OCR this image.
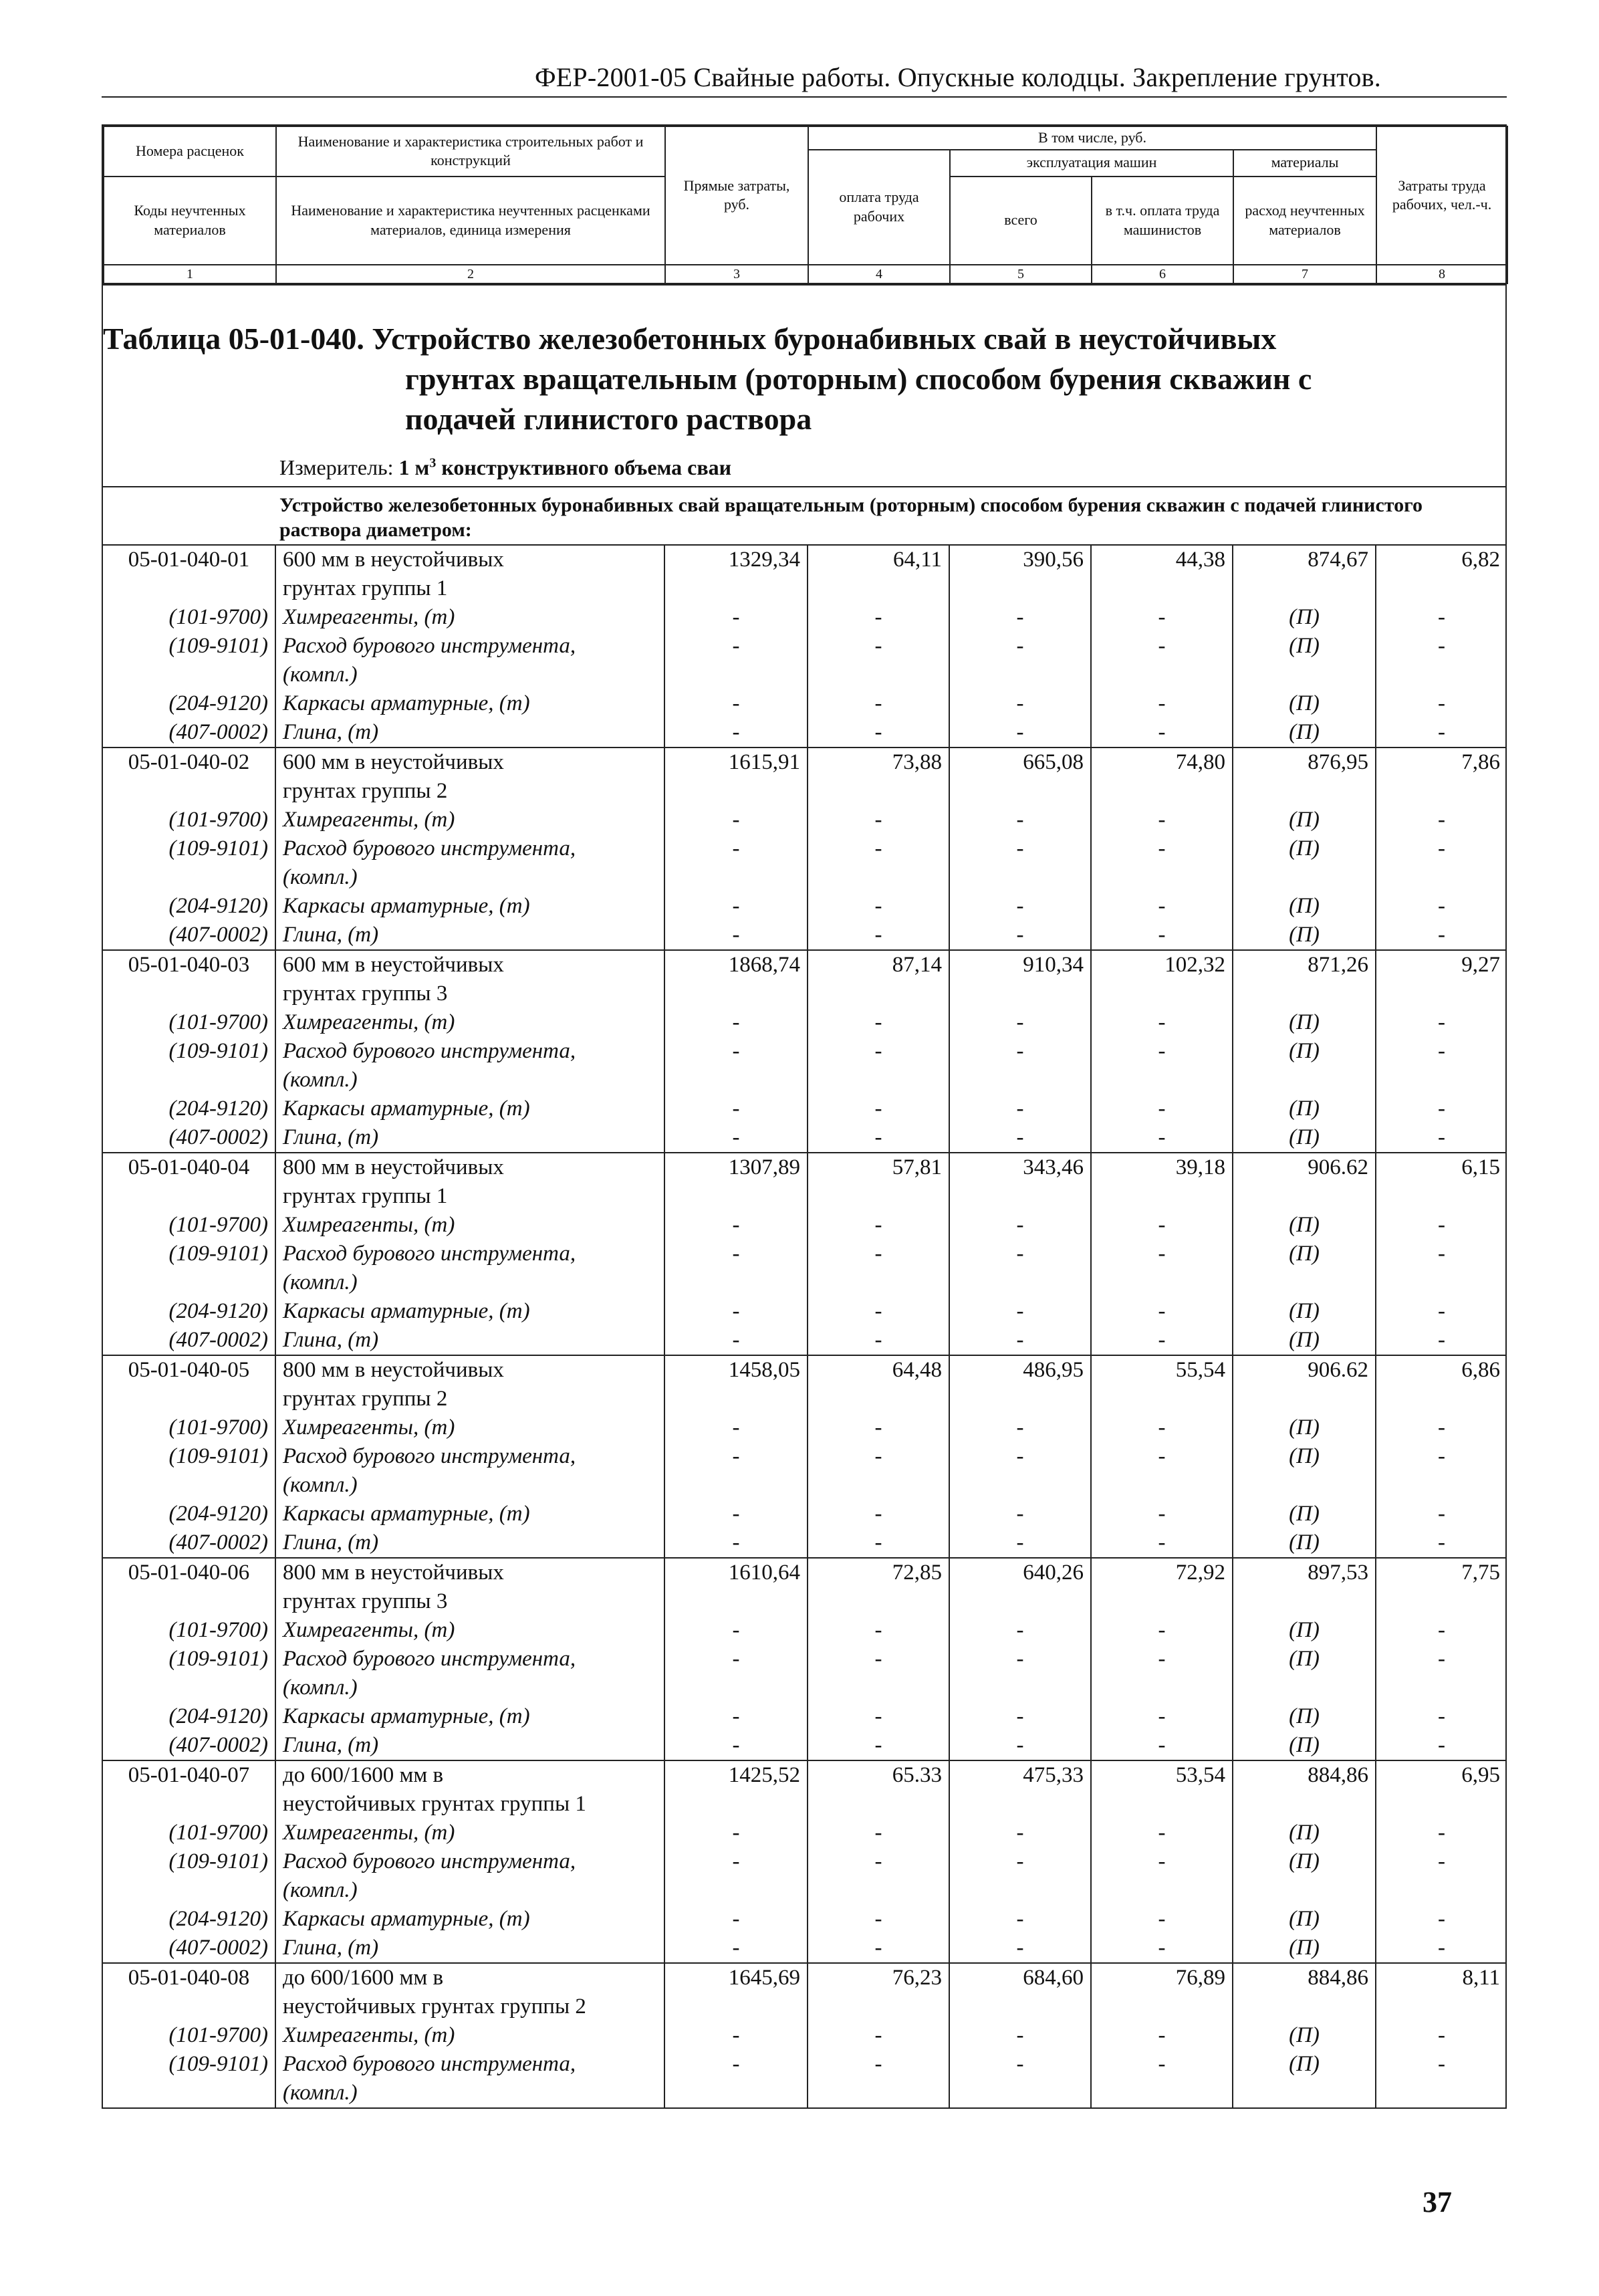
ФЕР-2001-05 Свайные работы. Опускные колодцы. Закрепление грунтов.
Номера расценок	Наименование и характеристика строительных работ и конструкций	Прямые затраты, руб.	В том числе, руб.				Затраты труда рабочих, чел.-ч.
			оплата труда рабочих	эксплуатация машин		материалы	
Коды неучтенных материалов	Наименование и характеристика неучтенных расценками материалов, единица измерения			всего	в т.ч. оплата труда машинистов	расход неучтенных материалов	

1	2	3	4	5	6	7	8
Таблица 05-01-040. Устройство железобетонных буронабивных свай в неустойчивых
грунтах вращательным (роторным) способом бурения скважин с
подачей глинистого раствора
Измеритель: 1 $м^3$ конструктивного объема сваи
Устройство железобетонных буронабивных свай вращательным (роторным) способом бурения скважин с подачей глинистого раствора диаметром:
05-01-040-01	600 мм в неустойчивых	1329,34	64,11	390,56	44,38	874,67	6,82
	грунтах группы 1						
(101-9700)	Химреагенты, (т)	-	-	-	-	(П)	-
(109-9101)	Расход бурового инструмента,	-	-	-	-	(П)	-
	(компл.)						
(204-9120)	Каркасы арматурные, (т)	-	-	-	-	(П)	-
(407-0002)	Глина, (т)	-	-	-	-	(П)	-
05-01-040-02	600 мм в неустойчивых	1615,91	73,88	665,08	74,80	876,95	7,86
	грунтах группы 2						
(101-9700)	Химреагенты, (т)	-	-	-	-	(П)	-
(109-9101)	Расход бурового инструмента,	-	-	-	-	(П)	-
	(компл.)						
(204-9120)	Каркасы арматурные, (т)	-	-	-	-	(П)	-
(407-0002)	Глина, (т)	-	-	-	-	(П)	-
05-01-040-03	600 мм в неустойчивых	1868,74	87,14	910,34	102,32	871,26	9,27
	грунтах группы 3						
(101-9700)	Химреагенты, (т)	-	-	-	-	(П)	-
(109-9101)	Расход бурового инструмента,	-	-	-	-	(П)	-
	(компл.)						
(204-9120)	Каркасы арматурные, (т)	-	-	-	-	(П)	-
(407-0002)	Глина, (т)	-	-	-	-	(П)	-
05-01-040-04	800 мм в неустойчивых	1307,89	57,81	343,46	39,18	906.62	6,15
	грунтах группы 1						
(101-9700)	Химреагенты, (т)	-	-	-	-	(П)	-
(109-9101)	Расход бурового инструмента,	-	-	-	-	(П)	-
	(компл.)						
(204-9120)	Каркасы арматурные, (т)	-	-	-	-	(П)	-
(407-0002)	Глина, (т)	-	-	-	-	(П)	-
05-01-040-05	800 мм в неустойчивых	1458,05	64,48	486,95	55,54	906.62	6,86
	грунтах группы 2						
(101-9700)	Химреагенты, (т)	-	-	-	-	(П)	-
(109-9101)	Расход бурового инструмента,	-	-	-	-	(П)	-
	(компл.)						
(204-9120)	Каркасы арматурные, (т)	-	-	-	-	(П)	-
(407-0002)	Глина, (т)	-	-	-	-	(П)	-
05-01-040-06	800 мм в неустойчивых	1610,64	72,85	640,26	72,92	897,53	7,75
	грунтах группы 3						
(101-9700)	Химреагенты, (т)	-	-	-	-	(П)	-
(109-9101)	Расход бурового инструмента,	-	-	-	-	(П)	-
	(компл.)						
(204-9120)	Каркасы арматурные, (т)	-	-	-	-	(П)	-
(407-0002)	Глина, (т)	-	-	-	-	(П)	-
05-01-040-07	до 600/1600 мм в	1425,52	65.33	475,33	53,54	884,86	6,95
	неустойчивых грунтах группы 1						
(101-9700)	Химреагенты, (т)	-	-	-	-	(П)	-
(109-9101)	Расход бурового инструмента,	-	-	-	-	(П)	-
	(компл.)						
(204-9120)	Каркасы арматурные, (т)	-	-	-	-	(П)	-
(407-0002)	Глина, (т)	-	-	-	-	(П)	-
05-01-040-08	до 600/1600 мм в	1645,69	76,23	684,60	76,89	884,86	8,11
	неустойчивых грунтах группы 2						
(101-9700)	Химреагенты, (т)	-	-	-	-	(П)	-
(109-9101)	Расход бурового инструмента,	-	-	-	-	(П)	-
	(компл.)						
37
